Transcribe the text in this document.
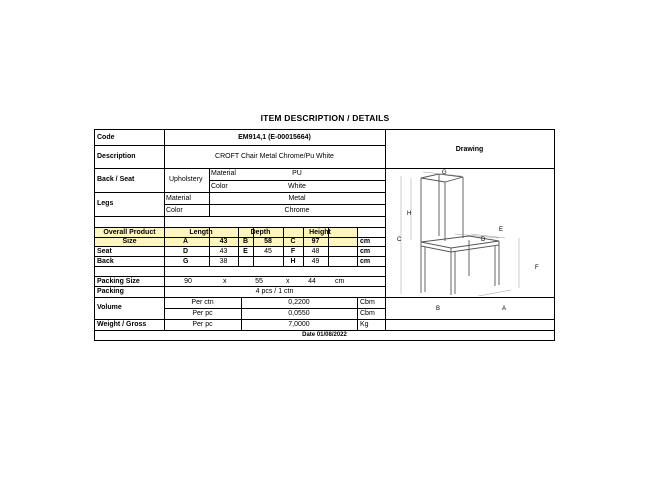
ITEM DESCRIPTION / DETAILS
Code	EM914,1 (E-00015664)
Description	CROFT Chair Metal Chrome/Pu White
Drawing
Back / Seat	Upholstery
Material	PU
Color	White
Legs
Material	Metal
Color	Chrome
Overall Product	Length	Depth	Height
Size	A	43	B	58	C	97	cm
Seat	D	43	E	45	F	48	cm
Back	G	38	H	49	cm
Packing Size	90	x	55	x	44	cm
Packing	4 pcs / 1 ctn
Volume
Per ctn	0,2200	Cbm
Per pc	0,0550	Cbm
Weight / Gross	Per pc	7,0000	Kg
Date 01/08/2022
G
H
C
E
D
F
B	A
